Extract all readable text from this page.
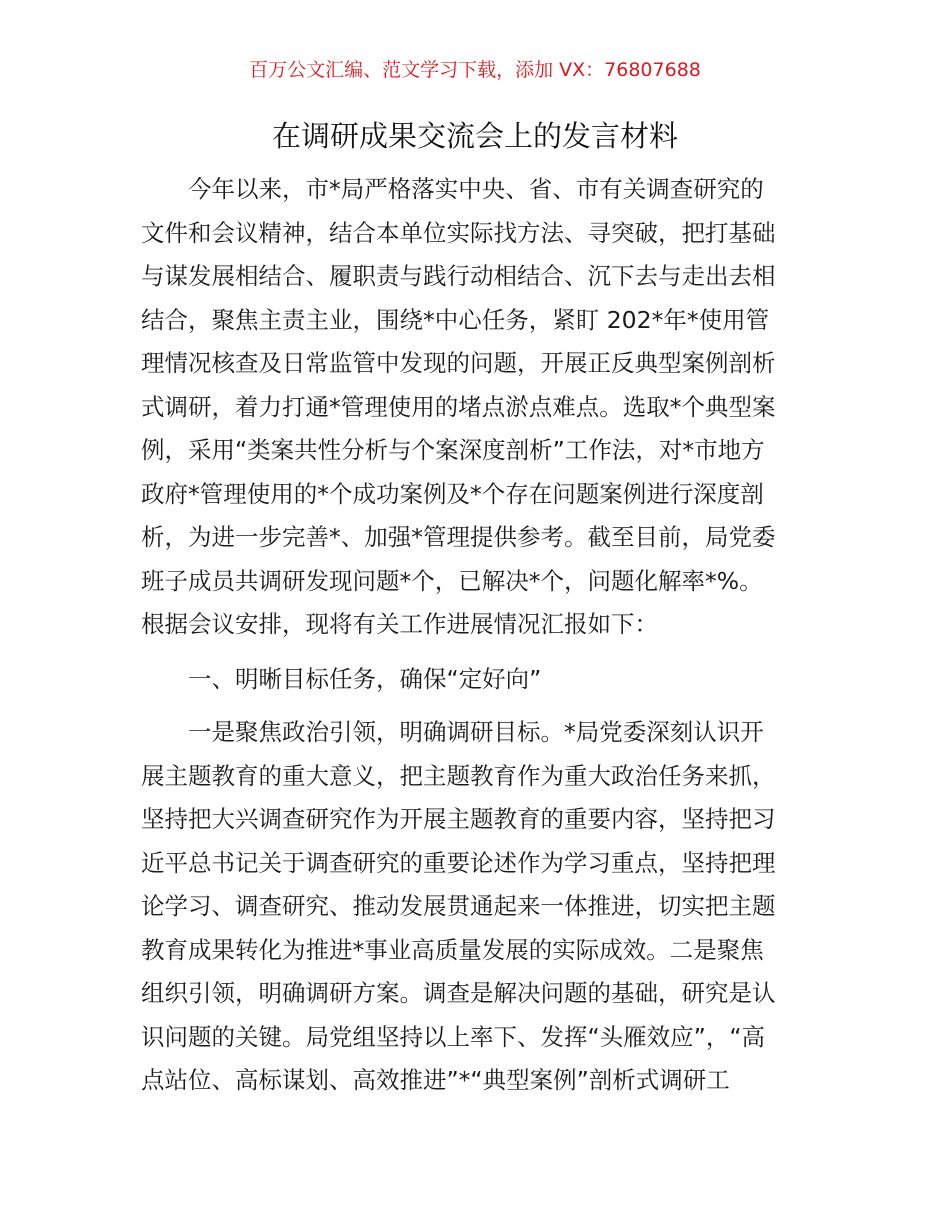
百万公文汇编、范文学习下载，添加 VX：76807688
在调研成果交流会上的发言材料
今年以来，市*局严格落实中央、省、市有关调查研究的
文件和会议精神，结合本单位实际找方法、寻突破，把打基础
与谋发展相结合、履职责与践行动相结合、沉下去与走出去相
结合，聚焦主责主业，围绕*中心任务，紧盯 202*年*使用管
理情况核查及日常监管中发现的问题，开展正反典型案例剖析
式调研，着力打通*管理使用的堵点淤点难点。选取*个典型案
例，采用“类案共性分析与个案深度剖析”工作法，对*市地方
政府*管理使用的*个成功案例及*个存在问题案例进行深度剖
析，为进一步完善*、加强*管理提供参考。截至目前，局党委
班子成员共调研发现问题*个，已解决*个，问题化解率*%。
根据会议安排，现将有关工作进展情况汇报如下：
一、明晰目标任务，确保“定好向”
一是聚焦政治引领，明确调研目标。*局党委深刻认识开
展主题教育的重大意义，把主题教育作为重大政治任务来抓，
坚持把大兴调查研究作为开展主题教育的重要内容，坚持把习
近平总书记关于调查研究的重要论述作为学习重点，坚持把理
论学习、调查研究、推动发展贯通起来一体推进，切实把主题
教育成果转化为推进*事业高质量发展的实际成效。二是聚焦
组织引领，明确调研方案。调查是解决问题的基础，研究是认
识问题的关键。局党组坚持以上率下、发挥“头雁效应”，“高
点站位、高标谋划、高效推进”*“典型案例”剖析式调研工
